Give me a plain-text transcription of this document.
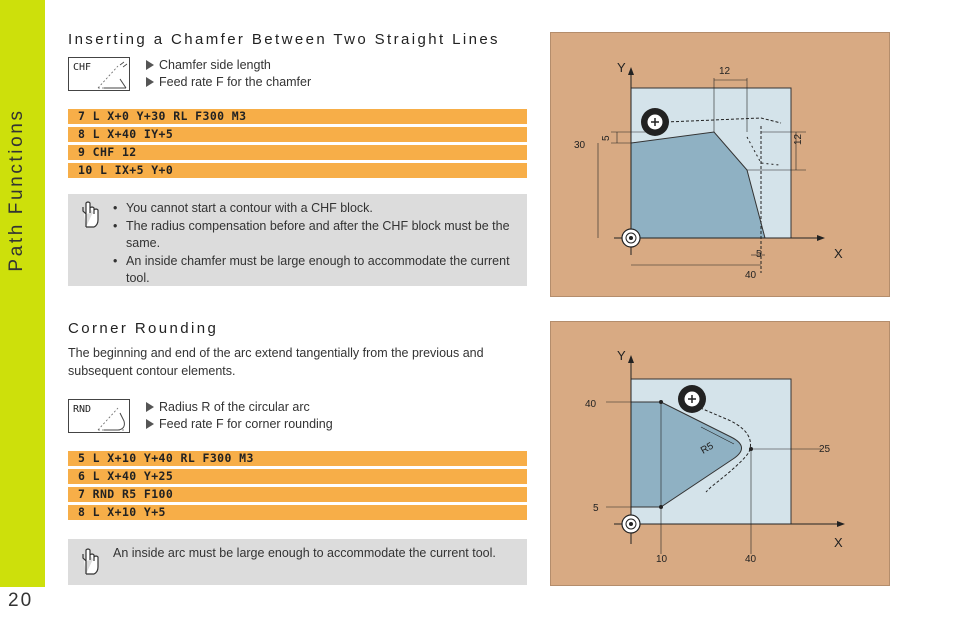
Path Functions
20
Inserting a Chamfer Between Two Straight Lines
CHF	Chamfer side length
Feed rate F for the chamfer
7 L X+0 Y+30 RL F300 M3
8 L X+40 IY+5
9 CHF 12
10 L IX+5 Y+0
• You cannot start a contour with a CHF block.
• The radius compensation before and after the CHF block must be the same.
• An inside chamfer must be large enough to accommodate the current tool.
Y
X
12
12
5
30
5
40
Corner Rounding
The beginning and end of the arc extend tangentially from the previous and subsequent contour elements.
RND	Radius R of the circular arc
Feed rate F for corner rounding
5 L X+10 Y+40 RL F300 M3
6 L X+40 Y+25
7 RND R5 F100
8 L X+10 Y+5
An inside arc must be large enough to accommodate the current tool.
Y
X
40
25
5
10	40
R5
